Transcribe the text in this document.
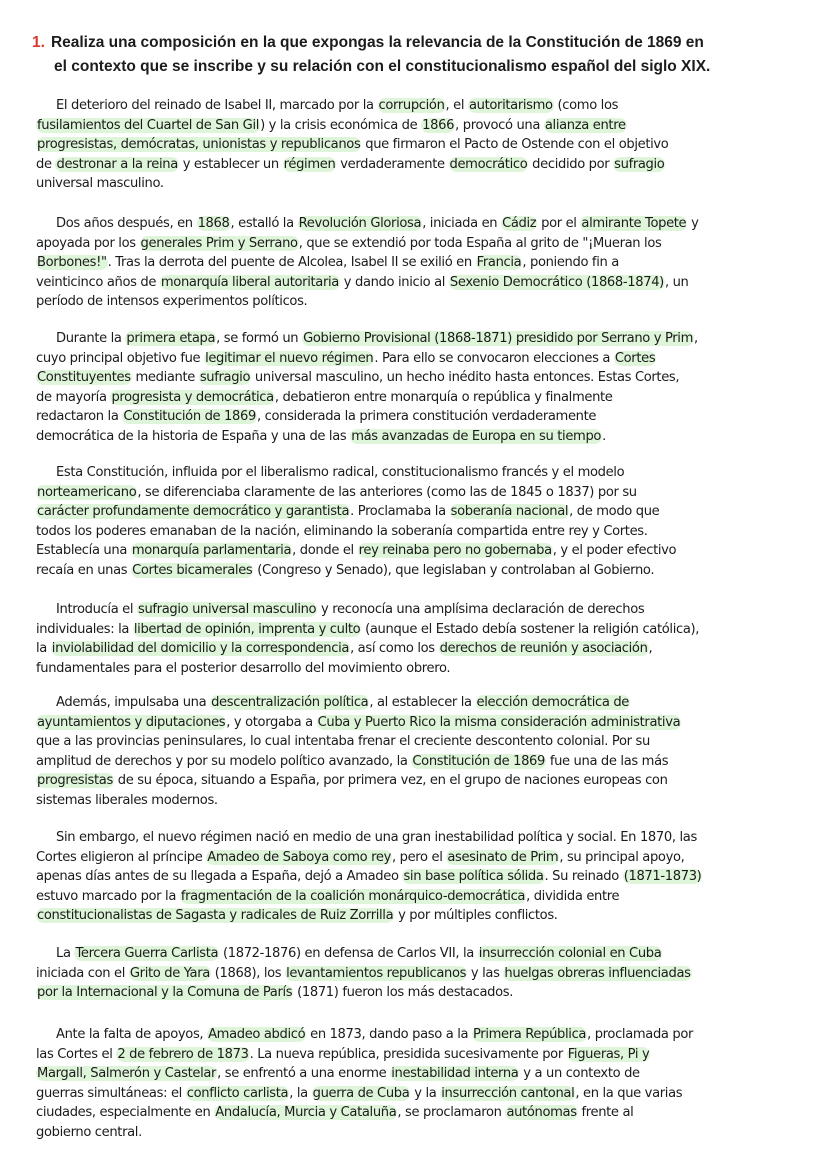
1. Realiza una composición en la que expongas la relevancia de la Constitución de 1869 en
el contexto que se inscribe y su relación con el constitucionalismo español del siglo XIX.
El deterioro del reinado de Isabel II, marcado por la corrupción, el autoritarismo (como los
fusilamientos del Cuartel de San Gil) y la crisis económica de 1866, provocó una alianza entre
progresistas, demócratas, unionistas y republicanos que firmaron el Pacto de Ostende con el objetivo
de destronar a la reina y establecer un régimen verdaderamente democrático decidido por sufragio
universal masculino.
Dos años después, en 1868, estalló la Revolución Gloriosa, iniciada en Cádiz por el almirante Topete y
apoyada por los generales Prim y Serrano, que se extendió por toda España al grito de "¡Mueran los
Borbones!". Tras la derrota del puente de Alcolea, Isabel II se exilió en Francia, poniendo fin a
veinticinco años de monarquía liberal autoritaria y dando inicio al Sexenio Democrático (1868-1874), un
período de intensos experimentos políticos.
Durante la primera etapa, se formó un Gobierno Provisional (1868-1871) presidido por Serrano y Prim,
cuyo principal objetivo fue legitimar el nuevo régimen. Para ello se convocaron elecciones a Cortes
Constituyentes mediante sufragio universal masculino, un hecho inédito hasta entonces. Estas Cortes,
de mayoría progresista y democrática, debatieron entre monarquía o república y finalmente
redactaron la Constitución de 1869, considerada la primera constitución verdaderamente
democrática de la historia de España y una de las más avanzadas de Europa en su tiempo.
Esta Constitución, influida por el liberalismo radical, constitucionalismo francés y el modelo
norteamericano, se diferenciaba claramente de las anteriores (como las de 1845 o 1837) por su
carácter profundamente democrático y garantista. Proclamaba la soberanía nacional, de modo que
todos los poderes emanaban de la nación, eliminando la soberanía compartida entre rey y Cortes.
Establecía una monarquía parlamentaria, donde el rey reinaba pero no gobernaba, y el poder efectivo
recaía en unas Cortes bicamerales (Congreso y Senado), que legislaban y controlaban al Gobierno.
Introducía el sufragio universal masculino y reconocía una amplísima declaración de derechos
individuales: la libertad de opinión, imprenta y culto (aunque el Estado debía sostener la religión católica),
la inviolabilidad del domicilio y la correspondencia, así como los derechos de reunión y asociación,
fundamentales para el posterior desarrollo del movimiento obrero.
Además, impulsaba una descentralización política, al establecer la elección democrática de
ayuntamientos y diputaciones, y otorgaba a Cuba y Puerto Rico la misma consideración administrativa
que a las provincias peninsulares, lo cual intentaba frenar el creciente descontento colonial. Por su
amplitud de derechos y por su modelo político avanzado, la Constitución de 1869 fue una de las más
progresistas de su época, situando a España, por primera vez, en el grupo de naciones europeas con
sistemas liberales modernos.
Sin embargo, el nuevo régimen nació en medio de una gran inestabilidad política y social. En 1870, las
Cortes eligieron al príncipe Amadeo de Saboya como rey, pero el asesinato de Prim, su principal apoyo,
apenas días antes de su llegada a España, dejó a Amadeo sin base política sólida. Su reinado (1871-1873)
estuvo marcado por la fragmentación de la coalición monárquico-democrática, dividida entre
constitucionalistas de Sagasta y radicales de Ruiz Zorrilla y por múltiples conflictos.
La Tercera Guerra Carlista (1872-1876) en defensa de Carlos VII, la insurrección colonial en Cuba
iniciada con el Grito de Yara (1868), los levantamientos republicanos y las huelgas obreras influenciadas
por la Internacional y la Comuna de París (1871) fueron los más destacados.
Ante la falta de apoyos, Amadeo abdicó en 1873, dando paso a la Primera República, proclamada por
las Cortes el 2 de febrero de 1873. La nueva república, presidida sucesivamente por Figueras, Pi y
Margall, Salmerón y Castelar, se enfrentó a una enorme inestabilidad interna y a un contexto de
guerras simultáneas: el conflicto carlista, la guerra de Cuba y la insurrección cantonal, en la que varias
ciudades, especialmente en Andalucía, Murcia y Cataluña, se proclamaron autónomas frente al
gobierno central.
